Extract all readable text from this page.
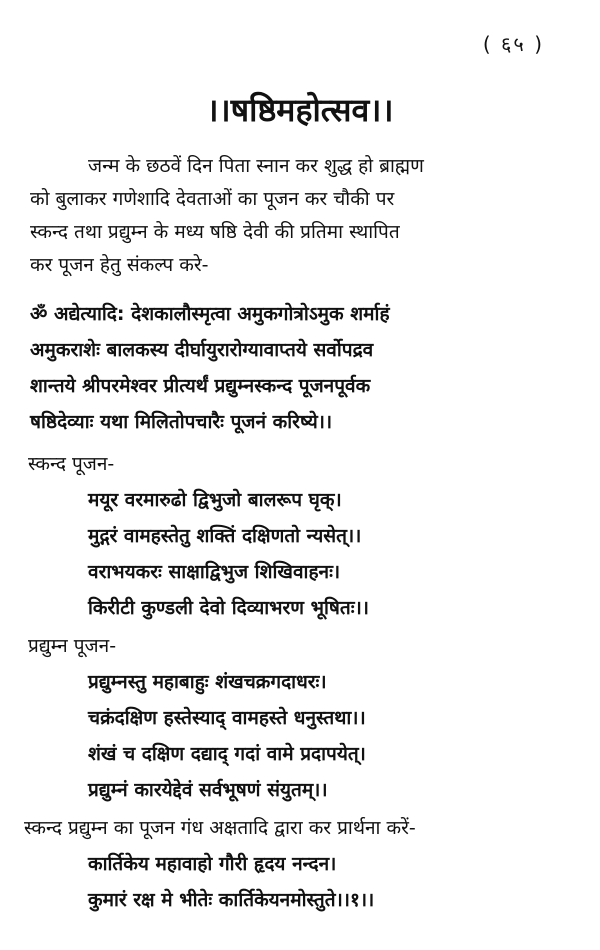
( ६५ )
।।षष्ठिमहोत्सव।।
जन्म के छठवें दिन पिता स्नान कर शुद्ध हो ब्राह्मण
को बुलाकर गणेशादि देवताओं का पूजन कर चौकी पर
स्कन्द तथा प्रद्युम्न के मध्य षष्ठि देवी की प्रतिमा स्थापित
कर पूजन हेतु संकल्प करे-
ॐ अद्येत्यादि: देशकालौस्मृत्वा अमुकगोत्रोऽमुक शर्माहं
अमुकराशेः बालकस्य दीर्घायुरारोग्यावाप्तये सर्वोपद्रव
शान्तये श्रीपरमेश्वर प्रीत्यर्थं प्रद्युम्नस्कन्द पूजनपूर्वक
षष्ठिदेव्याः यथा मिलितोपचारैः पूजनं करिष्ये।।
स्कन्द पूजन-
मयूर वरमारुढो द्विभुजो बालरूप घृक्।
मुद्गरं वामहस्तेतु शक्तिं दक्षिणतो न्यसेत्।।
वराभयकरः साक्षाद्विभुज शिखिवाहनः।
किरीटी कुण्डली देवो दिव्याभरण भूषितः।।
प्रद्युम्न पूजन-
प्रद्युम्नस्तु महाबाहुः शंखचक्रगदाधरः।
चक्रंदक्षिण हस्तेस्याद् वामहस्ते धनुस्तथा।।
शंखं च दक्षिण दद्याद् गदां वामे प्रदापयेत्।
प्रद्युम्नं कारयेद्देवं सर्वभूषणं संयुतम्।।
स्कन्द प्रद्युम्न का पूजन गंध अक्षतादि द्वारा कर प्रार्थना करें-
कार्तिकेय महावाहो गौरी हृदय नन्दन।
कुमारं रक्ष मे भीतेः कार्तिकेयनमोस्तुते।।१।।
